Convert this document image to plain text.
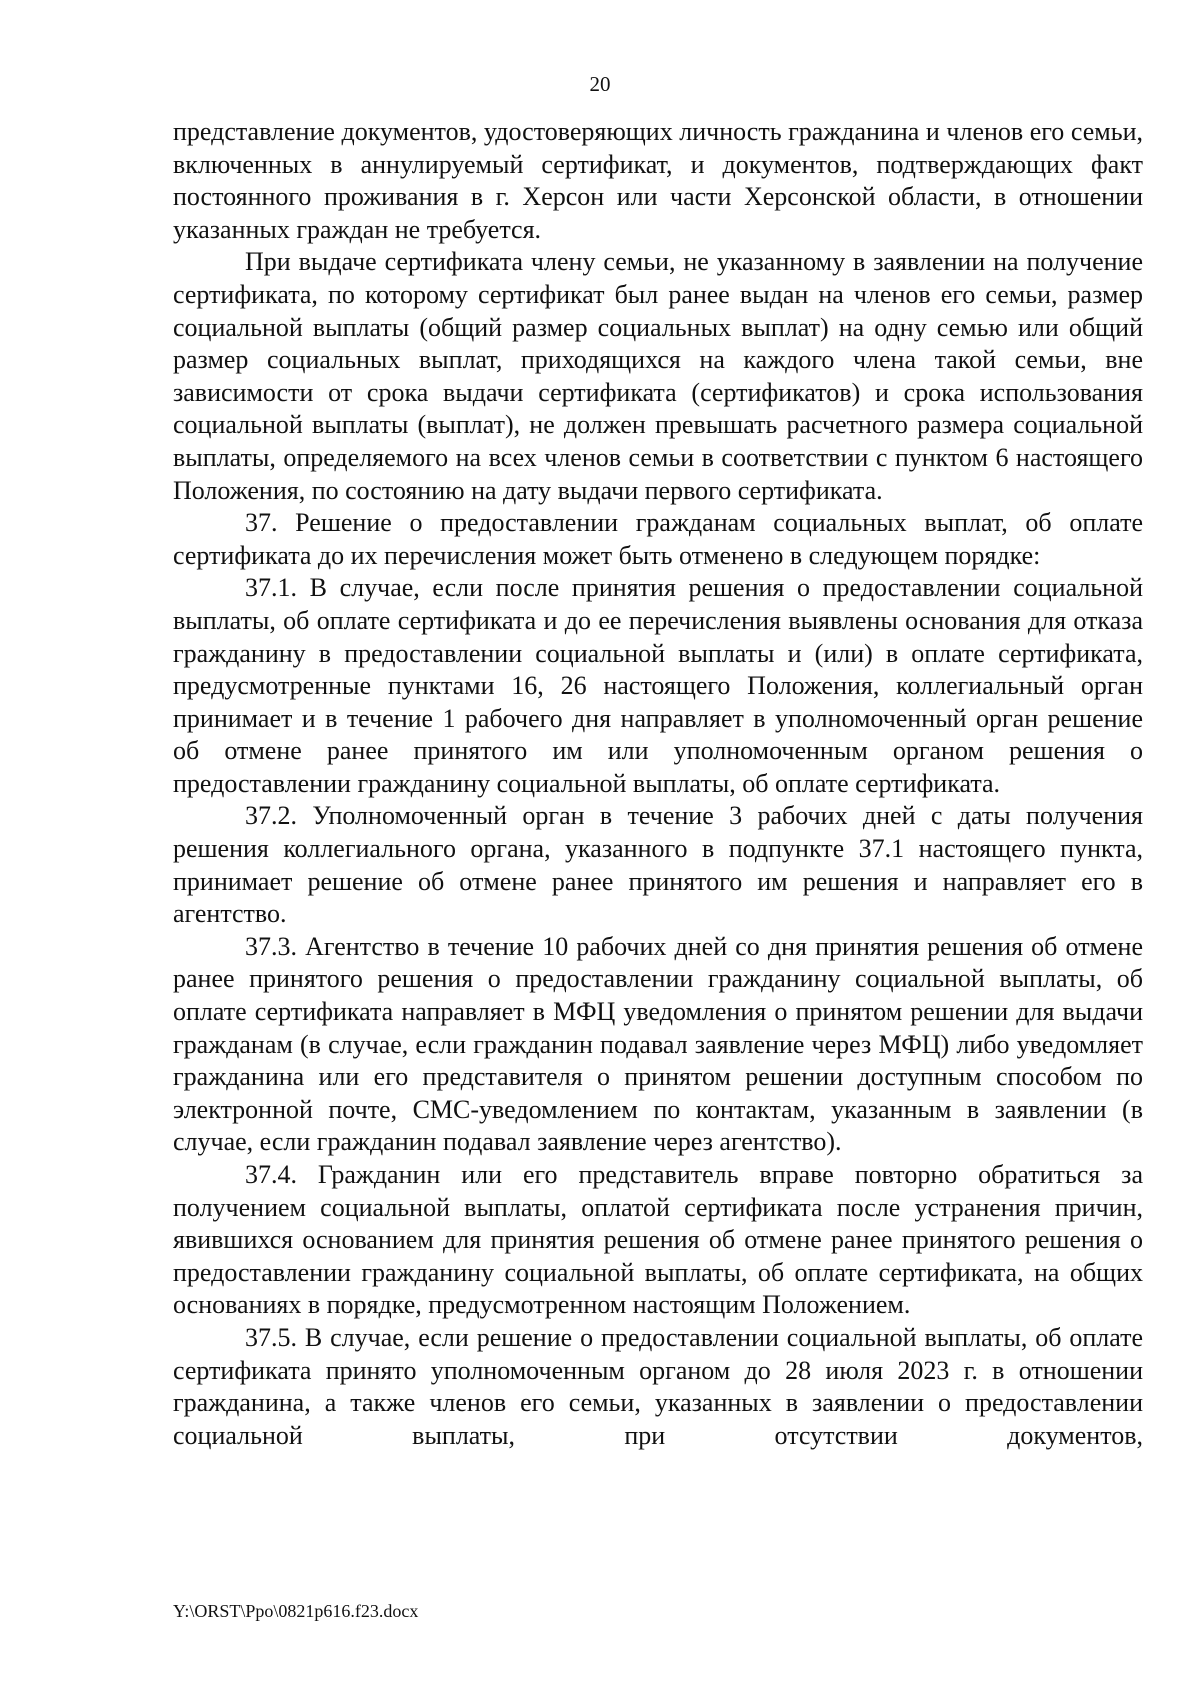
20

представление документов, удостоверяющих личность гражданина и членов его семьи, включенных в аннулируемый сертификат, и документов, подтверждающих факт постоянного проживания в г. Херсон или части Херсонской области, в отношении указанных граждан не требуется.

При выдаче сертификата члену семьи, не указанному в заявлении на получение сертификата, по которому сертификат был ранее выдан на членов его семьи, размер социальной выплаты (общий размер социальных выплат) на одну семью или общий размер социальных выплат, приходящихся на каждого члена такой семьи, вне зависимости от срока выдачи сертификата (сертификатов) и срока использования социальной выплаты (выплат), не должен превышать расчетного размера социальной выплаты, определяемого на всех членов семьи в соответствии с пунктом 6 настоящего Положения, по состоянию на дату выдачи первого сертификата.

37. Решение о предоставлении гражданам социальных выплат, об оплате сертификата до их перечисления может быть отменено в следующем порядке:

37.1. В случае, если после принятия решения о предоставлении социальной выплаты, об оплате сертификата и до ее перечисления выявлены основания для отказа гражданину в предоставлении социальной выплаты и (или) в оплате сертификата, предусмотренные пунктами 16, 26 настоящего Положения, коллегиальный орган принимает и в течение 1 рабочего дня направляет в уполномоченный орган решение об отмене ранее принятого им или уполномоченным органом решения о предоставлении гражданину социальной выплаты, об оплате сертификата.

37.2. Уполномоченный орган в течение 3 рабочих дней с даты получения решения коллегиального органа, указанного в подпункте 37.1 настоящего пункта, принимает решение об отмене ранее принятого им решения и направляет его в агентство.

37.3. Агентство в течение 10 рабочих дней со дня принятия решения об отмене ранее принятого решения о предоставлении гражданину социальной выплаты, об оплате сертификата направляет в МФЦ уведомления о принятом решении для выдачи гражданам (в случае, если гражданин подавал заявление через МФЦ) либо уведомляет гражданина или его представителя о принятом решении доступным способом по электронной почте, СМС-уведомлением по контактам, указанным в заявлении (в случае, если гражданин подавал заявление через агентство).

37.4. Гражданин или его представитель вправе повторно обратиться за получением социальной выплаты, оплатой сертификата после устранения причин, явившихся основанием для принятия решения об отмене ранее принятого решения о предоставлении гражданину социальной выплаты, об оплате сертификата, на общих основаниях в порядке, предусмотренном настоящим Положением.

37.5. В случае, если решение о предоставлении социальной выплаты, об оплате сертификата принято уполномоченным органом до 28 июля 2023 г. в отношении гражданина, а также членов его семьи, указанных в заявлении о предоставлении социальной выплаты, при отсутствии документов,

Y:\ORST\Ppo\0821p616.f23.docx
